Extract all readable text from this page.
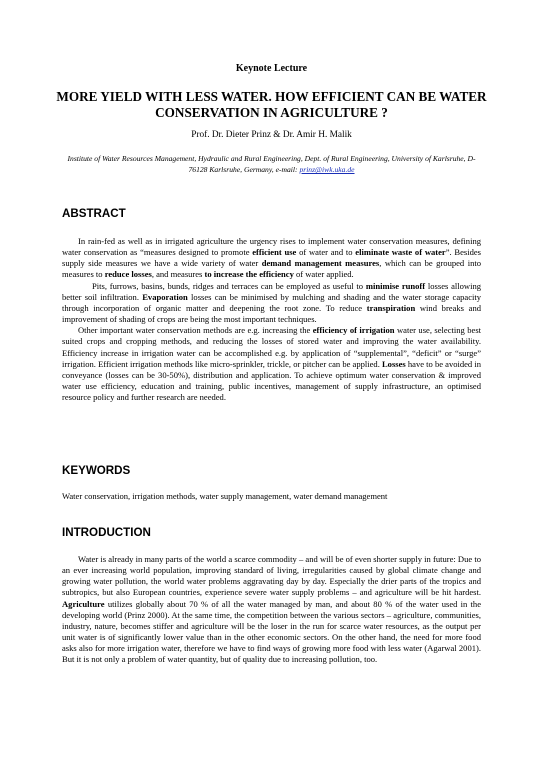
Keynote Lecture
MORE YIELD WITH LESS WATER. HOW EFFICIENT CAN BE WATER CONSERVATION IN AGRICULTURE ?
Prof. Dr. Dieter Prinz & Dr. Amir H. Malik
Institute of Water Resources Management, Hydraulic and Rural Engineering, Dept. of Rural Engineering, University of Karlsruhe, D-76128 Karlsruhe, Germany, e-mail: prinz@iwk.uka.de
ABSTRACT

In rain-fed as well as in irrigated agriculture the urgency rises to implement water conservation measures, defining water conservation as “measures designed to promote efficient use of water and to eliminate waste of water”. Besides supply side measures we have a wide variety of water demand management measures, which can be grouped into measures to reduce losses, and measures to increase the efficiency of water applied.

Pits, furrows, basins, bunds, ridges and terraces can be employed as useful to minimise runoff losses allowing better soil infiltration. Evaporation losses can be minimised by mulching and shading and the water storage capacity through incorporation of organic matter and deepening the root zone. To reduce transpiration wind breaks and improvement of shading of crops are being the most important techniques.

Other important water conservation methods are e.g. increasing the efficiency of irrigation water use, selecting best suited crops and cropping methods, and reducing the losses of stored water and improving the water availability. Efficiency increase in irrigation water can be accomplished e.g. by application of “supplemental”, “deficit” or “surge” irrigation. Efficient irrigation methods like micro-sprinkler, trickle, or pitcher can be applied. Losses have to be avoided in conveyance (losses can be 30-50%), distribution and application. To achieve optimum water conservation & improved water use efficiency, education and training, public incentives, management of supply infrastructure, an optimised resource policy and further research are needed.

KEYWORDS
Water conservation, irrigation methods, water supply management, water demand management
INTRODUCTION

Water is already in many parts of the world a scarce commodity – and will be of even shorter supply in future: Due to an ever increasing world population, improving standard of living, irregularities caused by global climate change and growing water pollution, the world water problems aggravating day by day. Especially the drier parts of the tropics and subtropics, but also European countries, experience severe water supply problems – and agriculture will be hit hardest. Agriculture utilizes globally about 70 % of all the water managed by man, and about 80 % of the water used in the developing world (Prinz 2000). At the same time, the competition between the various sectors – agriculture, communities, industry, nature, becomes stiffer and agriculture will be the loser in the run for scarce water resources, as the output per unit water is of significantly lower value than in the other economic sectors. On the other hand, the need for more food asks also for more irrigation water, therefore we have to find ways of growing more food with less water (Agarwal 2001). But it is not only a problem of water quantity, but of quality due to increasing pollution, too.
